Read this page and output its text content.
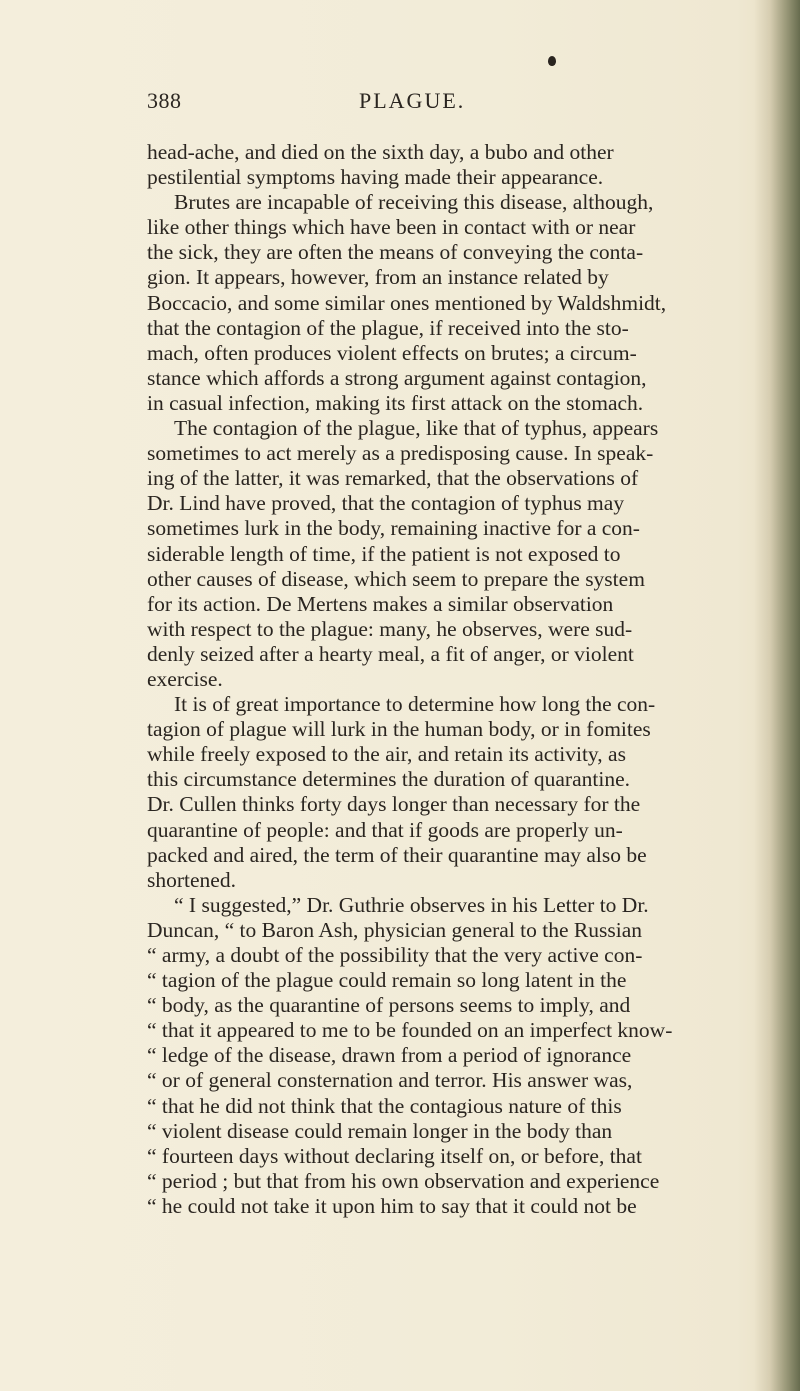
388	PLAGUE.
head-ache, and died on the sixth day, a bubo and other
pestilential symptoms having made their appearance.
Brutes are incapable of receiving this disease, although,
like other things which have been in contact with or near
the sick, they are often the means of conveying the conta-
gion. It appears, however, from an instance related by
Boccacio, and some similar ones mentioned by Waldshmidt,
that the contagion of the plague, if received into the sto-
mach, often produces violent effects on brutes; a circum-
stance which affords a strong argument against contagion,
in casual infection, making its first attack on the stomach.
The contagion of the plague, like that of typhus, appears
sometimes to act merely as a predisposing cause. In speak-
ing of the latter, it was remarked, that the observations of
Dr. Lind have proved, that the contagion of typhus may
sometimes lurk in the body, remaining inactive for a con-
siderable length of time, if the patient is not exposed to
other causes of disease, which seem to prepare the system
for its action. De Mertens makes a similar observation
with respect to the plague: many, he observes, were sud-
denly seized after a hearty meal, a fit of anger, or violent
exercise.
It is of great importance to determine how long the con-
tagion of plague will lurk in the human body, or in fomites
while freely exposed to the air, and retain its activity, as
this circumstance determines the duration of quarantine.
Dr. Cullen thinks forty days longer than necessary for the
quarantine of people: and that if goods are properly un-
packed and aired, the term of their quarantine may also be
shortened.
“ I suggested,” Dr. Guthrie observes in his Letter to Dr.
Duncan, “ to Baron Ash, physician general to the Russian
“ army, a doubt of the possibility that the very active con-
“ tagion of the plague could remain so long latent in the
“ body, as the quarantine of persons seems to imply, and
“ that it appeared to me to be founded on an imperfect know-
“ ledge of the disease, drawn from a period of ignorance
“ or of general consternation and terror. His answer was,
“ that he did not think that the contagious nature of this
“ violent disease could remain longer in the body than
“ fourteen days without declaring itself on, or before, that
“ period ; but that from his own observation and experience
“ he could not take it upon him to say that it could not be
